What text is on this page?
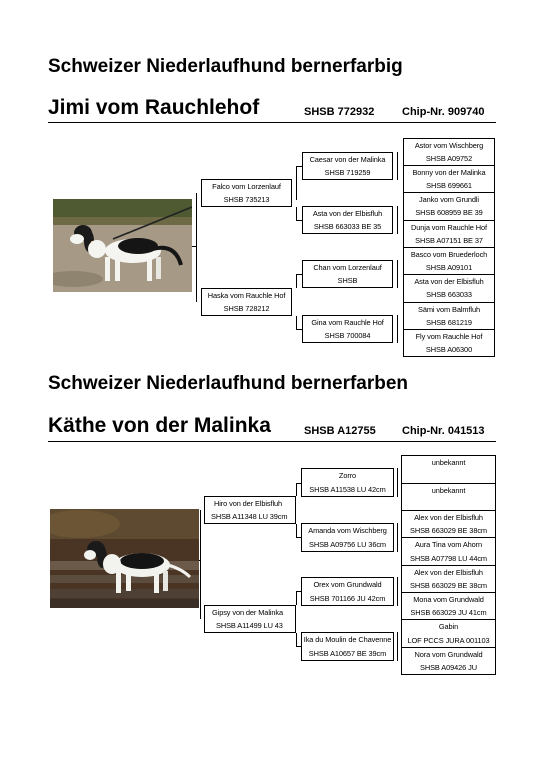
Schweizer Niederlaufhund bernerfarbig
Jimi vom Rauchlehof	SHSB 772932	Chip-Nr. 909740
Falco vom Lorzenlauf
SHSB 735213
Haska vom Rauchle Hof
SHSB 728212
Caesar von der Malinka
SHSB 719259
Asta von der Elbisfluh
SHSB 663033 BE 35
Chan vom Lorzenlauf
SHSB
Gina vom Rauchle Hof
SHSB 700084
Astor vom Wischberg
SHSB A09752
Bonny von der Malinka
SHSB 699661
Janko vom Grundli
SHSB 608959 BE 39
Dunja vom Rauchle Hof
SHSB A07151 BE 37
Basco vom Bruederloch
SHSB A09101
Asta von der Elbisfluh
SHSB 663033
Sämi vom Balmfluh
SHSB 681219
Fly vom Rauchle Hof
SHSB A06300
Schweizer Niederlaufhund bernerfarben
Käthe von der Malinka	SHSB A12755 Chip-Nr. 041513
Hiro von der Elbisfluh
SHSB A11348 LU 39cm
Gipsy von der Malinka
SHSB A11499 LU 43
Zorro
SHSB A11538 LU 42cm
Amanda vom Wischberg
SHSB A09756 LU 36cm
Orex vom Grundwald
SHSB 701166 JU 42cm
Ika du Moulin de Chavenne
SHSB A10657 BE 39cm
unbekannt
unbekannt
Alex von der Elbisfluh
SHSB 663029 BE 38cm
Aura Tina vom Ahorn
SHSB A07798 LU 44cm
Alex von der Elbisfluh
SHSB 663029 BE 38cm
Mona vom Grundwald
SHSB 663029 JU 41cm
Gabin
LOF PCCS JURA 001103
Nora vom Grundwald
SHSB A09426 JU
